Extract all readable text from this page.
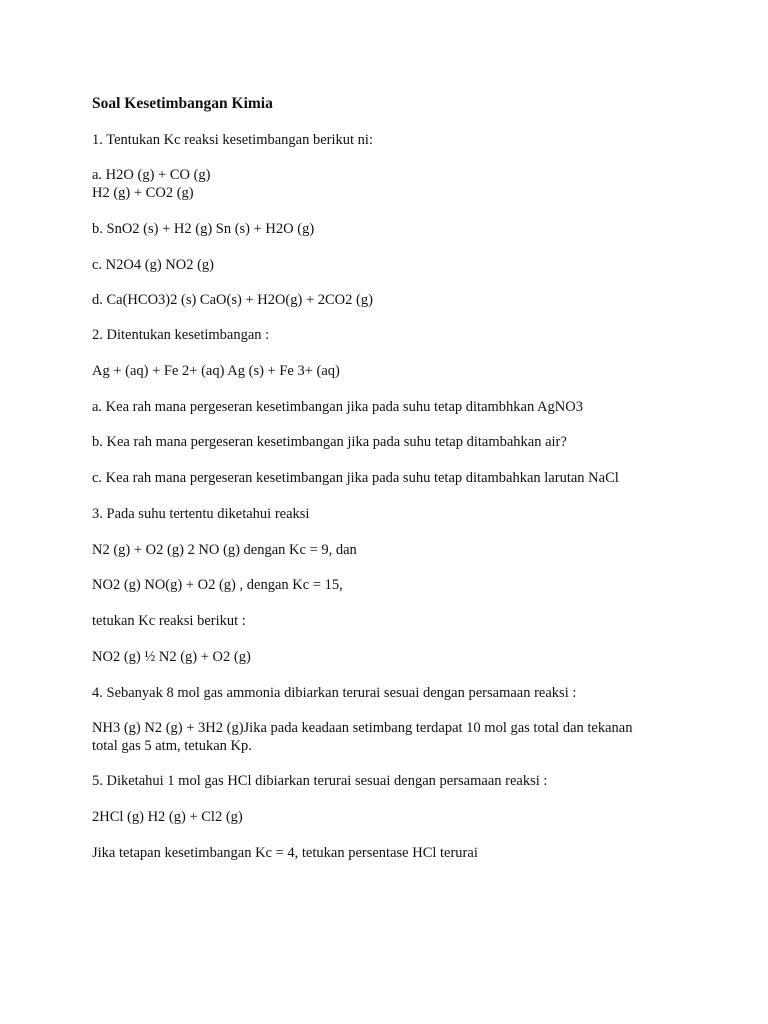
Soal Kesetimbangan Kimia
1. Tentukan Kc reaksi kesetimbangan berikut ni:
a. H2O (g) + CO (g)
H2 (g) + CO2 (g)
b. SnO2 (s) + H2 (g) Sn (s) + H2O (g)
c. N2O4 (g) NO2 (g)
d. Ca(HCO3)2 (s) CaO(s) + H2O(g) + 2CO2 (g)
2. Ditentukan kesetimbangan :
Ag + (aq) + Fe 2+ (aq) Ag (s) + Fe 3+ (aq)
a. Kea rah mana pergeseran kesetimbangan jika pada suhu tetap ditambhkan AgNO3
b. Kea rah mana pergeseran kesetimbangan jika pada suhu tetap ditambahkan air?
c. Kea rah mana pergeseran kesetimbangan jika pada suhu tetap ditambahkan larutan NaCl
3. Pada suhu tertentu diketahui reaksi
N2 (g) + O2 (g) 2 NO (g) dengan Kc = 9, dan
NO2 (g) NO(g) + O2 (g) , dengan Kc = 15,
tetukan Kc reaksi berikut :
NO2 (g) ½ N2 (g) + O2 (g)
4. Sebanyak 8 mol gas ammonia dibiarkan terurai sesuai dengan persamaan reaksi :
NH3 (g) N2 (g) + 3H2 (g)Jika pada keadaan setimbang terdapat 10 mol gas total dan tekanan
total gas 5 atm, tetukan Kp.
5. Diketahui 1 mol gas HCl dibiarkan terurai sesuai dengan persamaan reaksi :
2HCl (g) H2 (g) + Cl2 (g)
Jika tetapan kesetimbangan Kc = 4, tetukan persentase HCl terurai
